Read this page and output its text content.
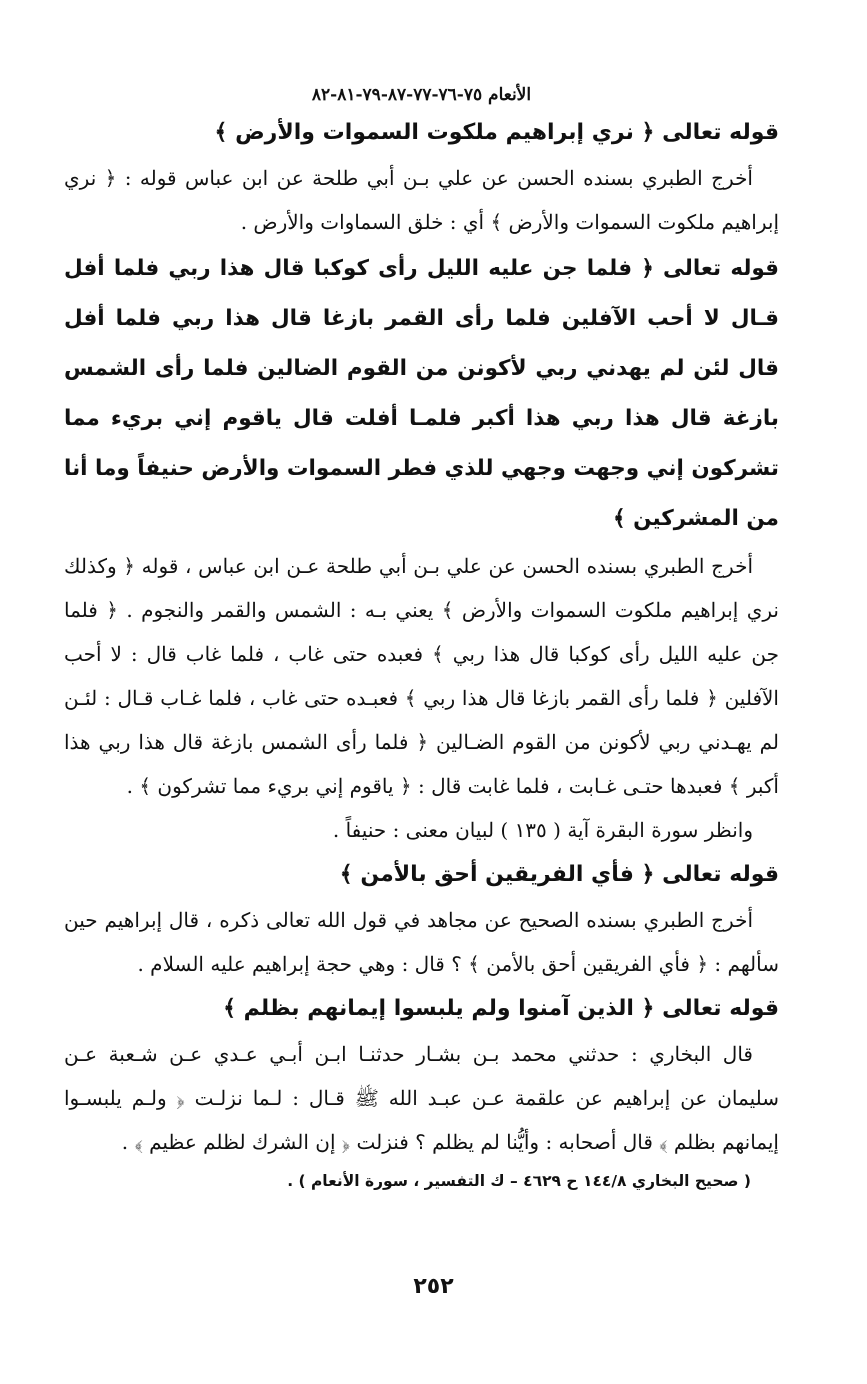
الأنعام ٧٥-٧٦-٧٧-٨٧-٧٩-٨١-٨٢

قوله تعالى ﴿ نري إبراهيم ملكوت السموات والأرض ﴾

أخرج الطبري بسنده الحسن عن علي بـن أبي طلحة عن ابن عباس قوله : ﴿ نري إبراهيم ملكوت السموات والأرض ﴾ أي : خلق السماوات والأرض .

قوله تعالى ﴿ فلما جن عليه الليل رأى كوكبا قال هذا ربي فلما أفل قـال لا أحب الآفلين فلما رأى القمر بازغا قال هذا ربي فلما أفل قال لئن لم يهدني ربي لأكونن من القوم الضالين فلما رأى الشمس بازغة قال هذا ربي هذا أكبر فلمـا أفلت قال ياقوم إني بريء مما تشركون إني وجهت وجهي للذي فطر السموات والأرض حنيفاً وما أنا من المشركين ﴾

أخرج الطبري بسنده الحسن عن علي بـن أبي طلحة عـن ابن عباس ، قوله ﴿ وكذلك نري إبراهيم ملكوت السموات والأرض ﴾ يعني بـه : الشمس والقمر والنجوم . ﴿ فلما جن عليه الليل رأى كوكبا قال هذا ربي ﴾ فعبده حتى غاب ، فلما غاب قال : لا أحب الآفلين ﴿ فلما رأى القمر بازغا قال هذا ربي ﴾ فعبـده حتى غاب ، فلما غـاب قـال : لئـن لم يهـدني ربي لأكونن من القوم الضـالين ﴿ فلما رأى الشمس بازغة قال هذا ربي هذا أكبر ﴾ فعبدها حتـى غـابت ، فلما غابت قال : ﴿ ياقوم إني بريء مما تشركون ﴾ .

وانظر سورة البقرة آية ( ١٣٥ ) لبيان معنى : حنيفاً .

قوله تعالى ﴿ فأي الفريقين أحق بالأمن ﴾

أخرج الطبري بسنده الصحيح عن مجاهد في قول الله تعالى ذكره ، قال إبراهيم حين سألهم : ﴿ فأي الفريقين أحق بالأمن ﴾ ؟ قال : وهي حجة إبراهيم عليه السلام .

قوله تعالى ﴿ الذين آمنوا ولم يلبسوا إيمانهم بظلم ﴾

قال البخاري : حدثني محمد بـن بشـار حدثنـا ابـن أبـي عـدي عـن شـعبة عـن سليمان عن إبراهيم عن علقمة عـن عبـد الله ﷺ قـال : لـما نزلـت ﴿ ولـم يلبسـوا إيمانهم بظلم ﴾ قال أصحابه : وأيُّنا لم يظلم ؟ فنزلت ﴿ إن الشرك لظلم عظيم ﴾ .

( صحيح البخاري ١٤٤/٨ ح ٤٦٢٩ – ك التفسير ، سورة الأنعام ) .

٢٥٢
